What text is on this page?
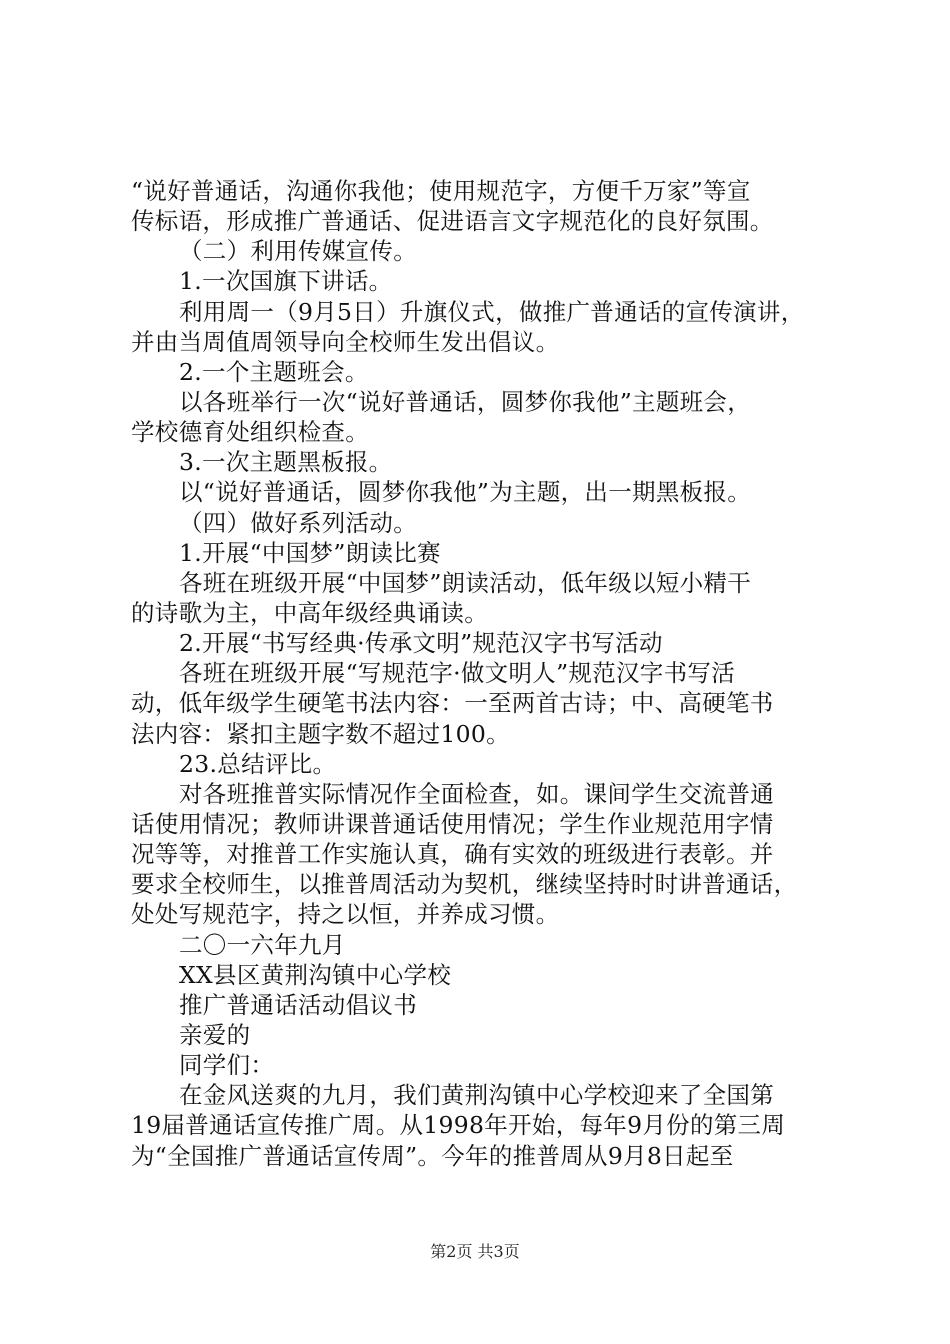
“说好普通话，沟通你我他；使用规范字，方便千万家”等宣
传标语，形成推广普通话、促进语言文字规范化的良好氛围。
（二）利用传媒宣传。
1.一次国旗下讲话。
利用周一（9月5日）升旗仪式，做推广普通话的宣传演讲，
并由当周值周领导向全校师生发出倡议。
2.一个主题班会。
以各班举行一次“说好普通话，圆梦你我他”主题班会，
学校德育处组织检查。
3.一次主题黑板报。
以“说好普通话，圆梦你我他”为主题，出一期黑板报。
（四）做好系列活动。
1.开展“中国梦”朗读比赛
各班在班级开展“中国梦”朗读活动，低年级以短小精干
的诗歌为主，中高年级经典诵读。
2.开展“书写经典·传承文明”规范汉字书写活动
各班在班级开展“写规范字·做文明人”规范汉字书写活
动，低年级学生硬笔书法内容：一至两首古诗；中、高硬笔书
法内容：紧扣主题字数不超过100。
23.总结评比。
对各班推普实际情况作全面检查，如。课间学生交流普通
话使用情况；教师讲课普通话使用情况；学生作业规范用字情
况等等，对推普工作实施认真，确有实效的班级进行表彰。并
要求全校师生，以推普周活动为契机，继续坚持时时讲普通话，
处处写规范字，持之以恒，并养成习惯。
二〇一六年九月
XX县区黄荆沟镇中心学校
推广普通话活动倡议书
亲爱的
同学们：
在金风送爽的九月，我们黄荆沟镇中心学校迎来了全国第
19届普通话宣传推广周。从1998年开始，每年9月份的第三周
为“全国推广普通话宣传周”。今年的推普周从9月8日起至
第2页 共3页
